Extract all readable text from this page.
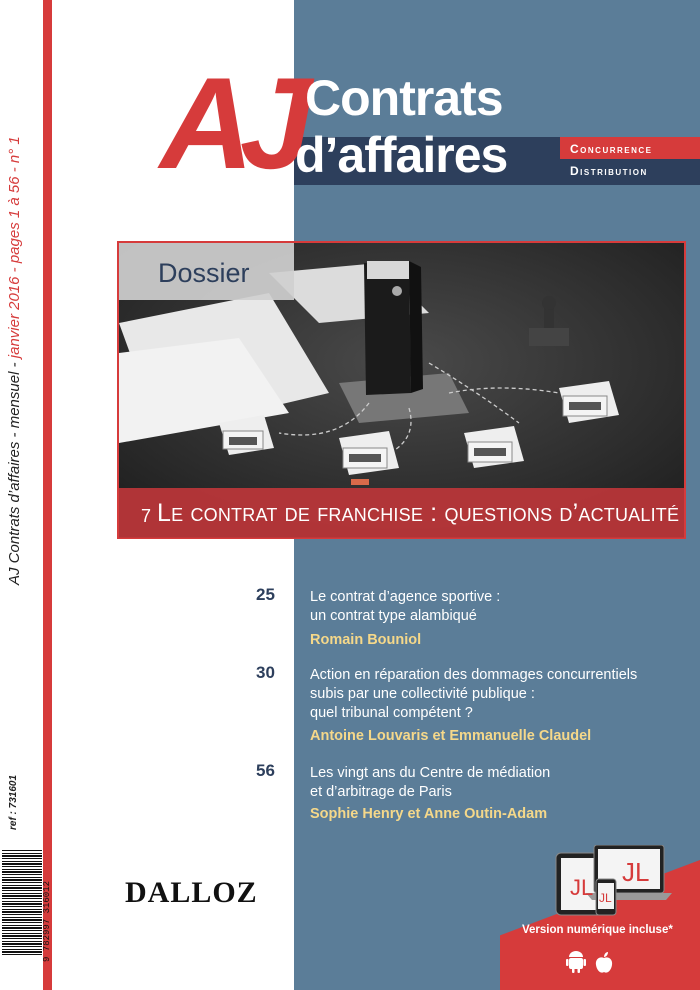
AJ Contrats d’affaires - mensuel - janvier 2016 - pages 1 à 56 - n° 1
ref : 731601
9 782997 316012
AJ Contrats
d’affaires	Concurrence
Distribution
Dossier
7 Le contrat de franchise : questions d’actualité
25 Le contrat d’agence sportive :
un contrat type alambiqué
Romain Bouniol
30 Action en réparation des dommages concurrentiels
subis par une collectivité publique :
quel tribunal compétent ?
Antoine Louvaris et Emmanuelle Claudel
56 Les vingt ans du Centre de médiation
et d’arbitrage de Paris
Sophie Henry et Anne Outin-Adam
DALLOZ
JL
JL JL
Version numérique incluse*
